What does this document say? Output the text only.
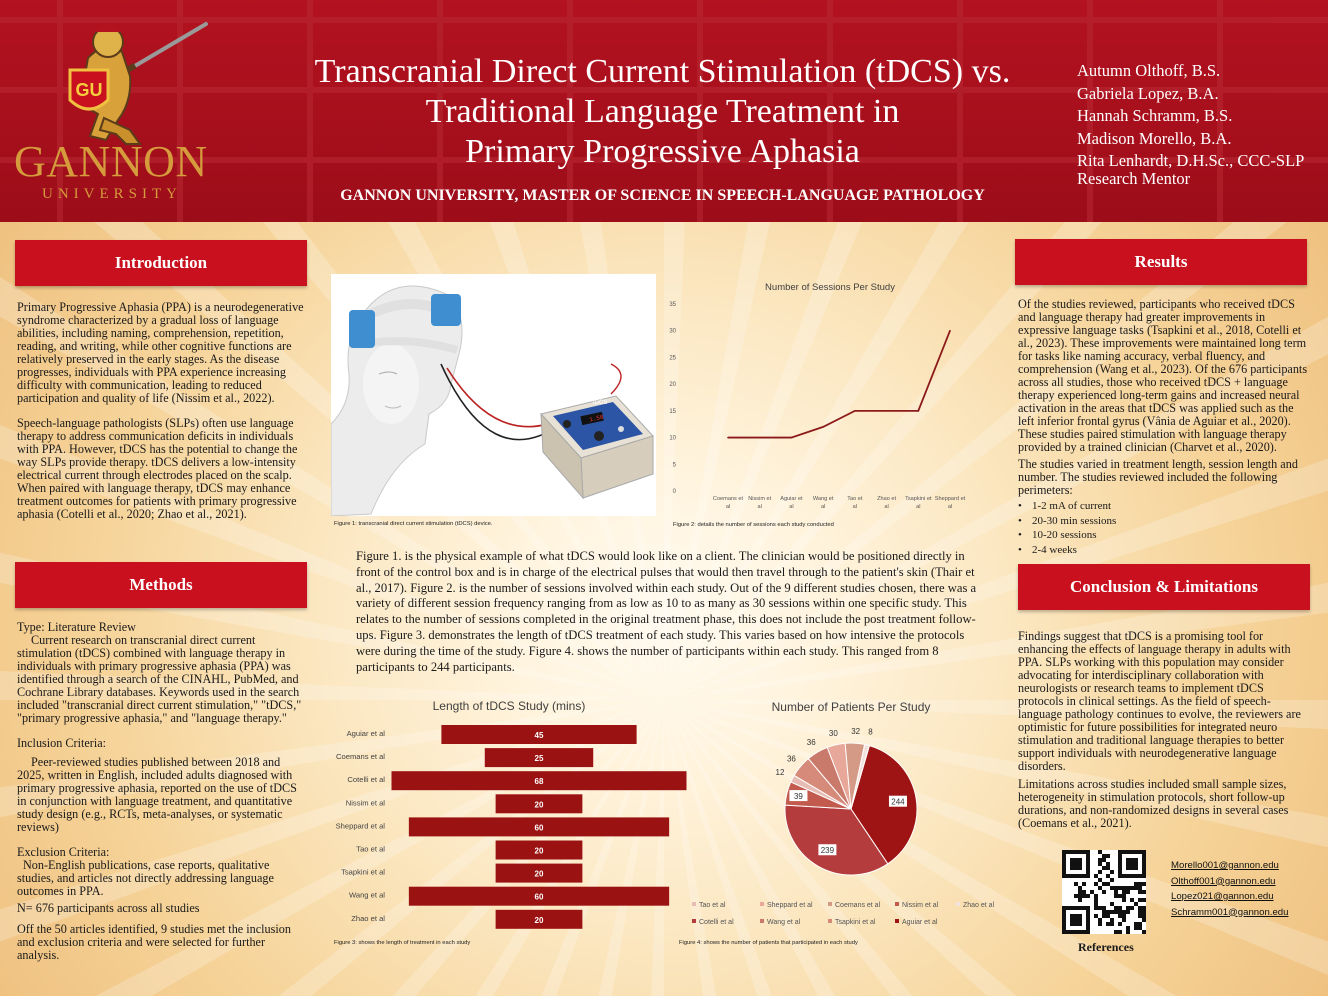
GU
GANNON
UNIVERSITY
Transcranial Direct Current Stimulation (tDCS) vs.
Traditional Language Treatment in
Primary Progressive Aphasia
GANNON UNIVERSITY, MASTER OF SCIENCE IN SPEECH-LANGUAGE PATHOLOGY
Autumn Olthoff, B.S.
Gabriela Lopez, B.A.
Hannah Schramm, B.S.
Madison Morello, B.A.
Rita Lenhardt, D.H.Sc., CCC-SLP
Research Mentor
Introduction

Primary Progressive Aphasia (PPA) is a neurodegenerative syndrome characterized by a gradual loss of language abilities, including naming, comprehension, repetition, reading, and writing, while other cognitive functions are relatively preserved in the early stages. As the disease progresses, individuals with PPA experience increasing difficulty with communication, leading to reduced participation and quality of life (Nissim et al., 2022).

Speech-language pathologists (SLPs) often use language therapy to address communication deficits in individuals with PPA. However, tDCS has the potential to change the way SLPs provide therapy. tDCS delivers a low-intensity electrical current through electrodes placed on the scalp. When paired with language therapy, tDCS may enhance treatment outcomes for patients with primary progressive aphasia (Cotelli et al., 2020; Zhao et al., 2021).

Methods
Type: Literature Review

Current research on transcranial direct current stimulation (tDCS) combined with language therapy in individuals with primary progressive aphasia (PPA) was identified through a search of the CINAHL, PubMed, and Cochrane Library databases. Keywords used in the search included "transcranial direct current stimulation," "tDCS," "primary progressive aphasia," and "language therapy."

Inclusion Criteria:

Peer-reviewed studies published between 2018 and 2025, written in English, included adults diagnosed with primary progressive aphasia, reported on the use of tDCS in conjunction with language treatment, and quantitative study design (e.g., RCTs, meta-analyses, or systematic reviews)

Exclusion Criteria:

Non-English publications, case reports, qualitative studies, and articles not directly addressing language outcomes in PPA.

N= 676 participants across all studies
Off the 50 articles identified, 9 studies met the inclusion and exclusion criteria and were selected for further analysis.
1.50
tDCS
Figure 1: transcranial direct current stimulation (tDCS) device.
Number of Sessions Per Study
0
5
10
15
20
25
30
35
Coemans et al
Nissim et al
Aguiar et al
Wang et al
Tao et al
Zhao et al
Tsapkini et al
Sheppard et al
Figure 2: details the number of sessions each study conducted
Figure 1. is the physical example of what tDCS would look like on a client. The clinician would be positioned directly in front of the control box and is in charge of the electrical pulses that would then travel through to the patient's skin (Thair et al., 2017). Figure 2. is the number of sessions involved within each study. Out of the 9 different studies chosen, there was a variety of different session frequency ranging from as low as 10 to as many as 30 sessions within one specific study. This relates to the number of sessions completed in the original treatment phase, this does not include the post treatment follow-ups. Figure 3. demonstrates the length of tDCS treatment of each study. This varies based on how intensive the protocols were during the time of the study. Figure 4. shows the number of participants within each study. This ranged from 8 participants to 244 participants.
Length of tDCS Study (mins)
Aguiar et al	45
Coemans et al	25
Cotelli et al	68
Nissim et al	20
Sheppard et al	60
Tao et al	20
Tsapkini et al	20
Wang et al	60
Zhao et al	20
Figure 3: shows the length of treatment in each study
Number of Patients Per Study
244
239
39
12
36
36
30 32 8
Tao et al	Sheppard et al	Coemans et al	Nissim et al	Zhao et al
Cotelli et al	Wang et al	Tsapkini et al	Aguiar et al
Figure 4: shows the number of patients that participated in each study
Results

Of the studies reviewed, participants who received tDCS and language therapy had greater improvements in expressive language tasks (Tsapkini et al., 2018, Cotelli et al., 2023). These improvements were maintained long term for tasks like naming accuracy, verbal fluency, and comprehension (Wang et al., 2023). Of the 676 participants across all studies, those who received tDCS + language therapy experienced long-term gains and increased neural activation in the areas that tDCS was applied such as the left inferior frontal gyrus (Vânia de Aguiar et al., 2020). These studies paired stimulation with language therapy provided by a trained clinician (Charvet et al., 2020).

The studies varied in treatment length, session length and number. The studies reviewed included the following perimeters:

• 1-2 mA of current
• 20-30 min sessions
• 10-20 sessions
• 2-4 weeks
Conclusion & Limitations

Findings suggest that tDCS is a promising tool for enhancing the effects of language therapy in adults with PPA. SLPs working with this population may consider advocating for interdisciplinary collaboration with neurologists or research teams to implement tDCS protocols in clinical settings. As the field of speech-language pathology continues to evolve, the reviewers are optimistic for future possibilities for integrated neuro stimulation and traditional language therapies to better support individuals with neurodegenerative language disorders.

Limitations across studies included small sample sizes, heterogeneity in stimulation protocols, short follow-up durations, and non-randomized designs in several cases (Coemans et al., 2021).

Morello001@gannon.edu
Olthoff001@gannon.edu
Lopez021@gannon.edu
Schramm001@gannon.edu
References
